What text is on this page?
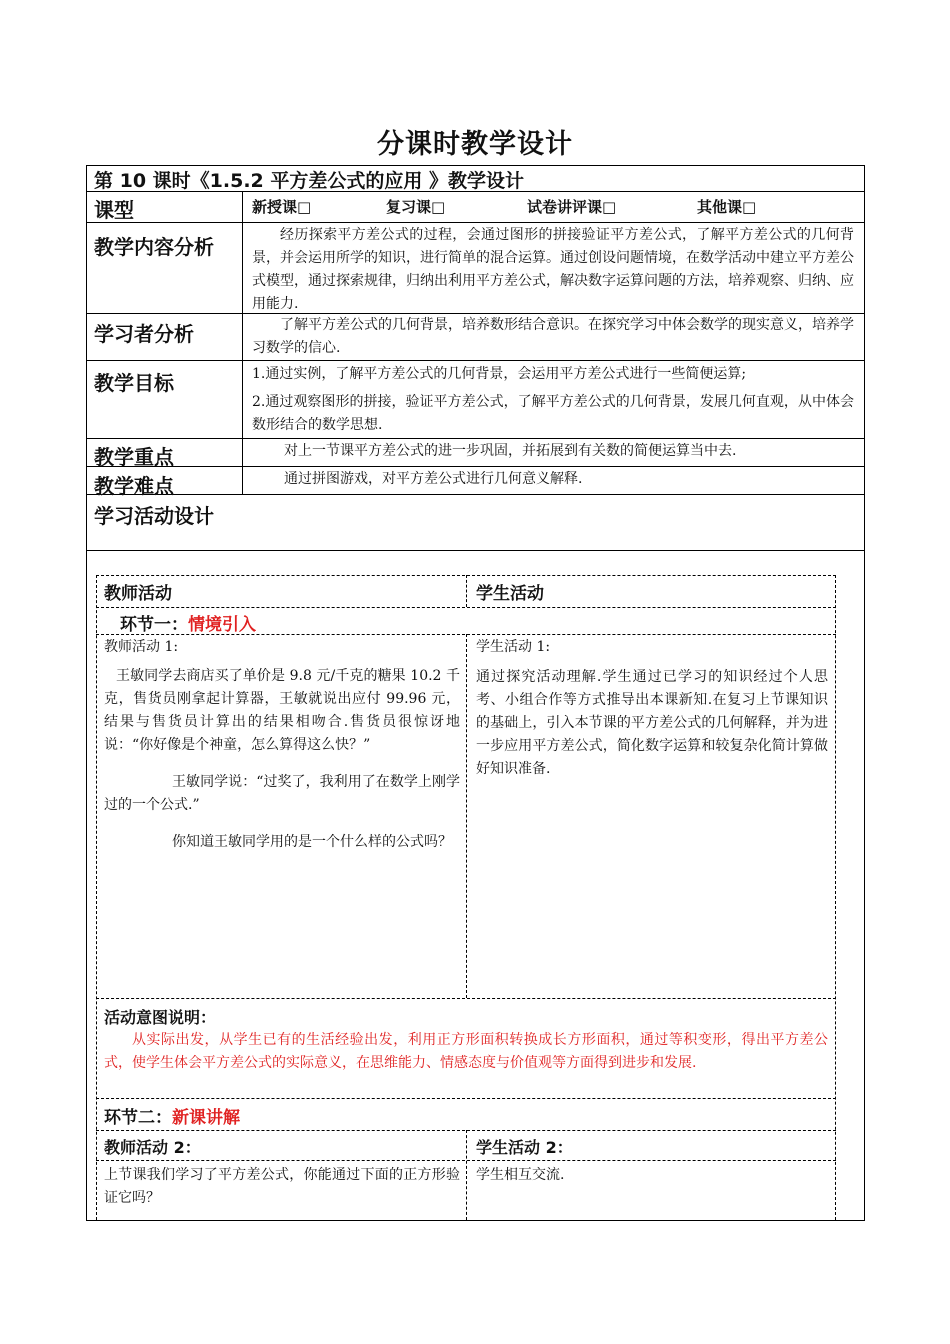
分课时教学设计
第 10 课时《1.5.2 平方差公式的应用 》教学设计
课型	新授课□	复习课□	试卷讲评课□	其他课□
教学内容分析	经历探索平方差公式的过程，会通过图形的拼接验证平方差公式，了解平方差公式的几何背景，并会运用所学的知识，进行简单的混合运算。通过创设问题情境，在数学活动中建立平方差公式模型，通过探索规律，归纳出利用平方差公式，解决数字运算问题的方法，培养观察、归纳、应用能力.
学习者分析	了解平方差公式的几何背景，培养数形结合意识。在探究学习中体会数学的现实意义，培养学习数学的信心.
教学目标	1.通过实例，了解平方差公式的几何背景，会运用平方差公式进行一些简便运算;
2.通过观察图形的拼接，验证平方差公式，了解平方差公式的几何背景，发展几何直观，从中体会数形结合的数学思想.
教学重点	对上一节课平方差公式的进一步巩固，并拓展到有关数的简便运算当中去.
教学难点	通过拼图游戏，对平方差公式进行几何意义解释.
学习活动设计
教师活动	学生活动
环节一：情境引入
教师活动 1:

王敏同学去商店买了单价是 9.8 元/千克的糖果 10.2 千克，售货员刚拿起计算器，王敏就说出应付 99.96 元，结果与售货员计算出的结果相吻合.售货员很惊讶地说：“你好像是个神童，怎么算得这么快？”

王敏同学说：“过奖了，我利用了在数学上刚学过的一个公式.”

你知道王敏同学用的是一个什么样的公式吗？

学生活动 1:
通过探究活动理解.学生通过已学习的知识经过个人思考、小组合作等方式推导出本课新知.在复习上节课知识的基础上，引入本节课的平方差公式的几何解释，并为进一步应用平方差公式，简化数字运算和较复杂化简计算做好知识准备.
活动意图说明：
从实际出发，从学生已有的生活经验出发，利用正方形面积转换成长方形面积，通过等积变形，得出平方差公式，使学生体会平方差公式的实际意义，在思维能力、情感态度与价值观等方面得到进步和发展.
环节二：新课讲解
教师活动 2：
上节课我们学习了平方差公式，你能通过下面的正方形验证它吗？
学生活动 2：
学生相互交流.
